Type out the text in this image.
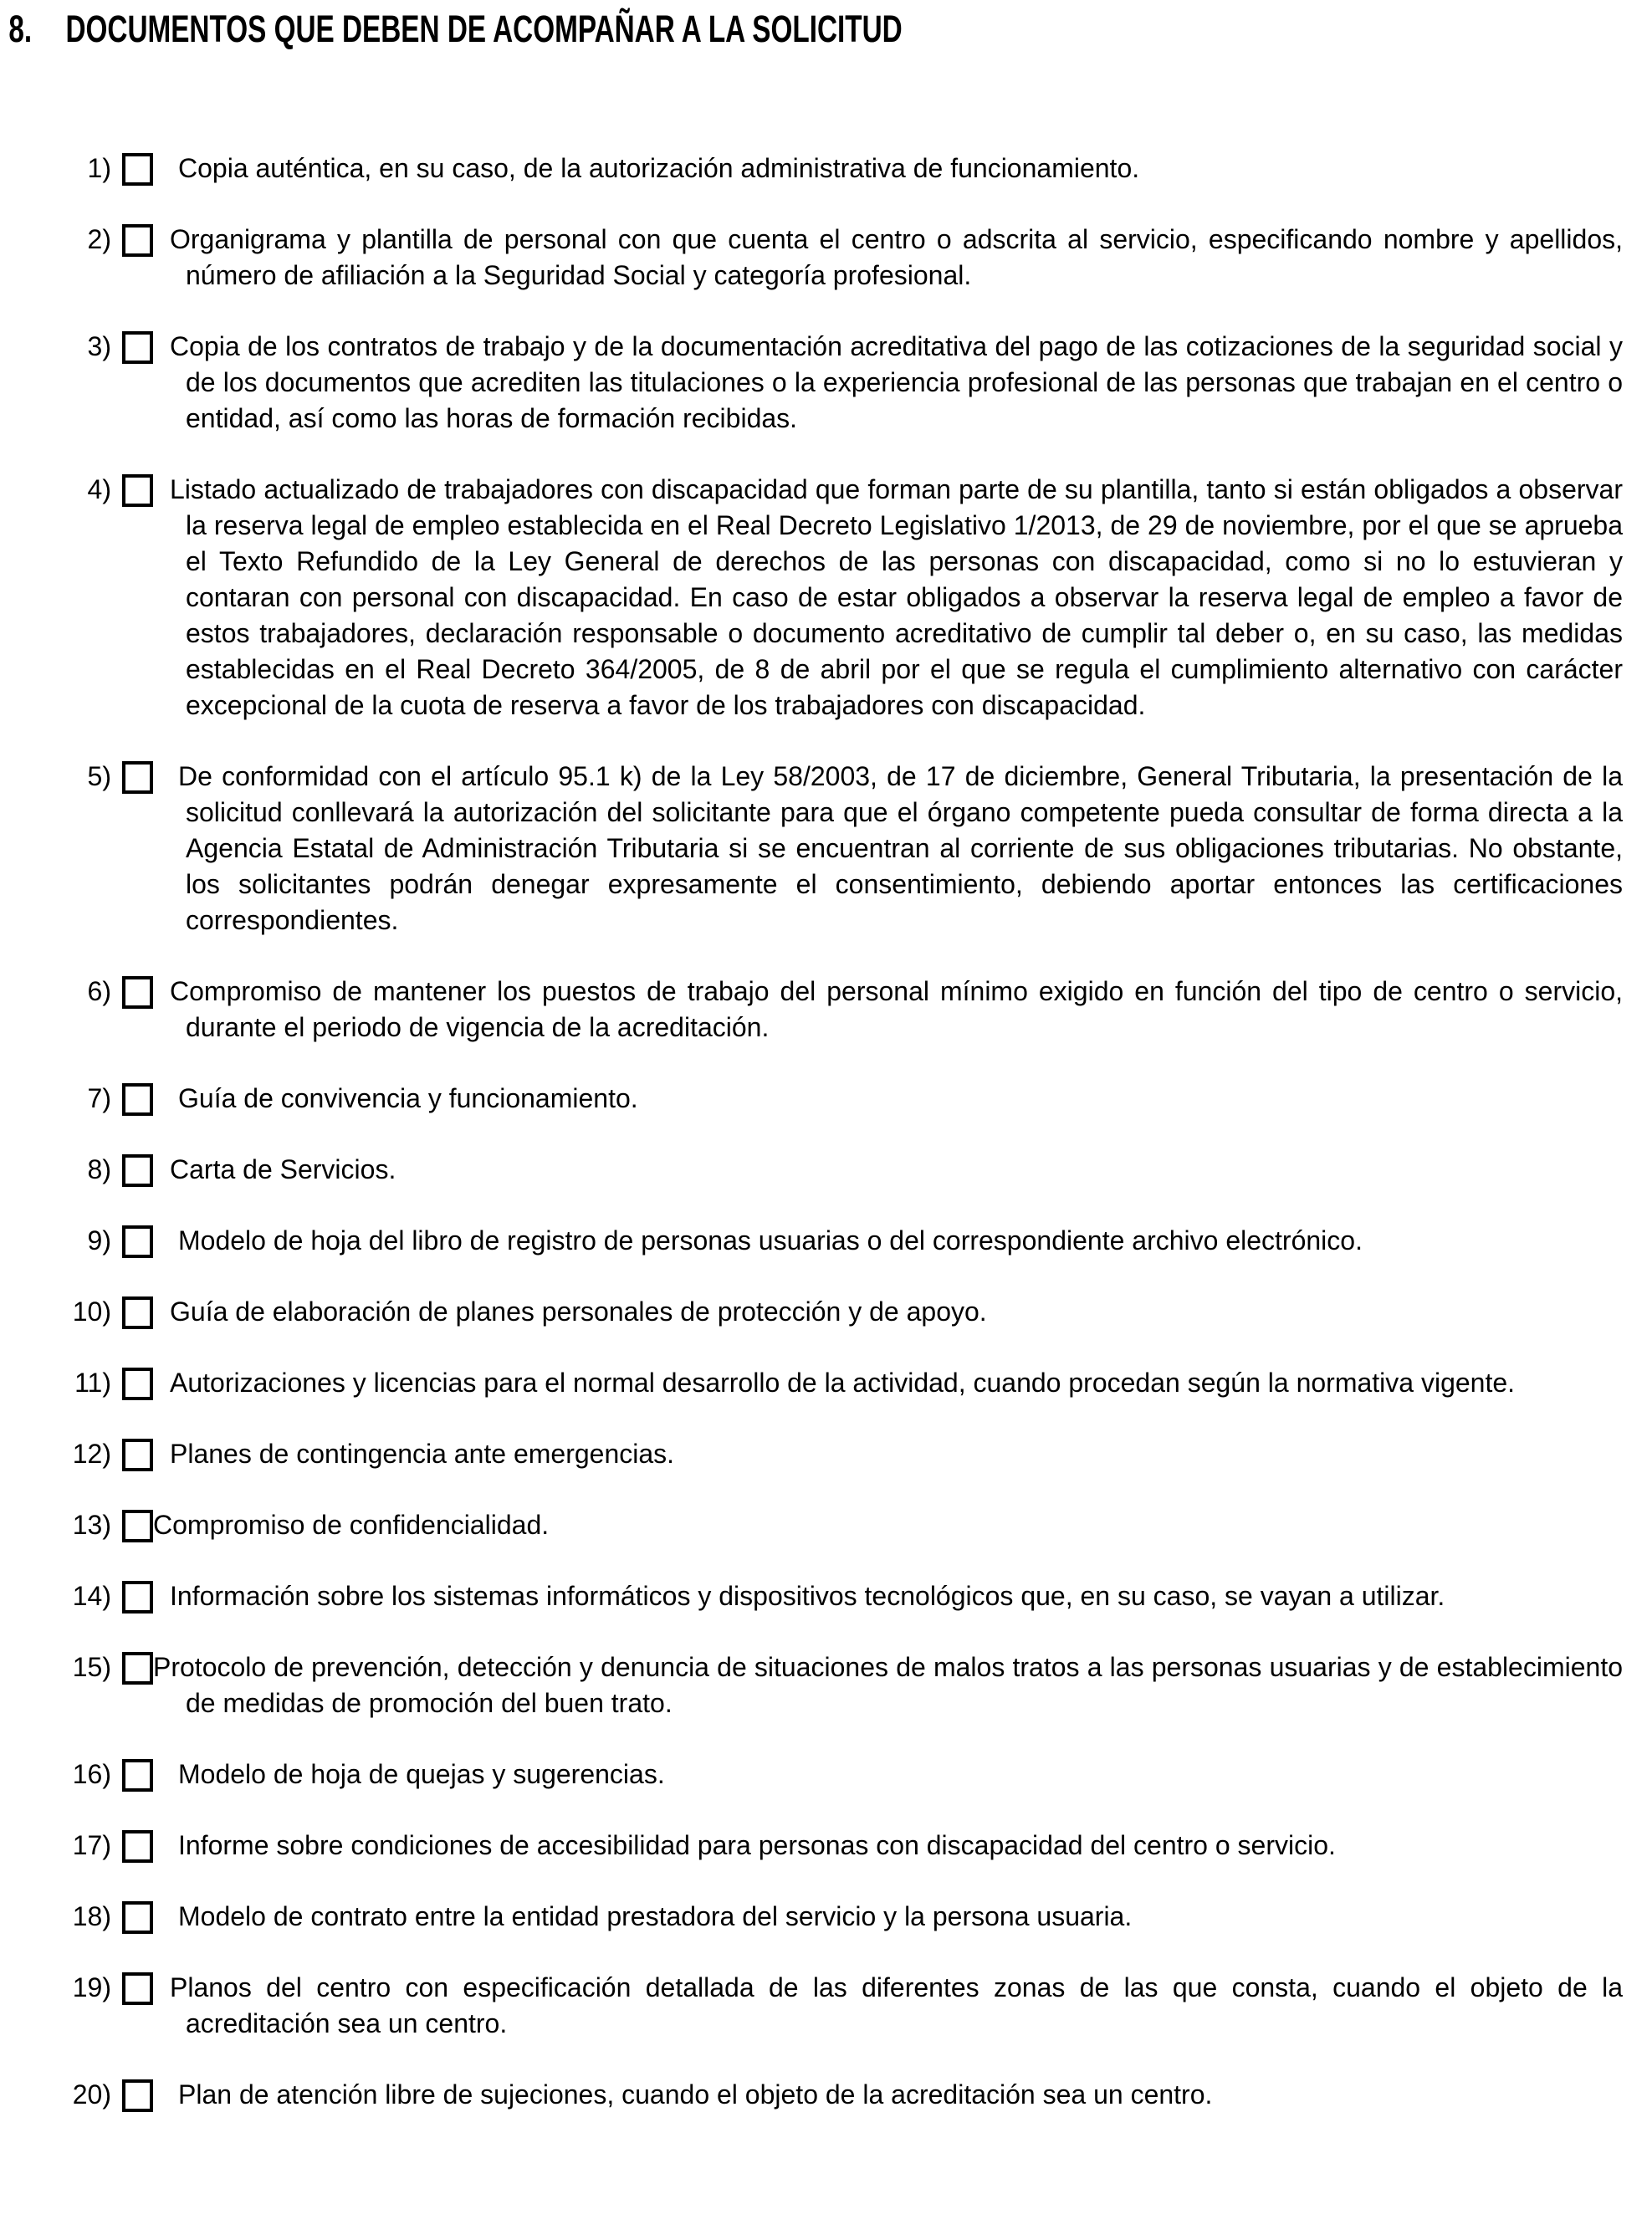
8. DOCUMENTOS QUE DEBEN DE ACOMPAÑAR A LA SOLICITUD
1)	Copia auténtica, en su caso, de la autorización administrativa de funcionamiento.
2) Organigrama y plantilla de personal con que cuenta el centro o adscrita al servicio, especificando nombre y apellidos, número de afiliación a la Seguridad Social y categoría profesional.
3) Copia de los contratos de trabajo y de la documentación acreditativa del pago de las cotizaciones de la seguridad social y de los documentos que acrediten las titulaciones o la experiencia profesional de las personas que trabajan en el centro o entidad, así como las horas de formación recibidas.
4) Listado actualizado de trabajadores con discapacidad que forman parte de su plantilla, tanto si están obligados a observar la reserva legal de empleo establecida en el Real Decreto Legislativo 1/2013, de 29 de noviembre, por el que se aprueba el Texto Refundido de la Ley General de derechos de las personas con discapacidad, como si no lo estuvieran y contaran con personal con discapacidad. En caso de estar obligados a observar la reserva legal de empleo a favor de estos trabajadores, declaración responsable o documento acreditativo de cumplir tal deber o, en su caso, las medidas establecidas en el Real Decreto 364/2005, de 8 de abril por el que se regula el cumplimiento alternativo con carácter excepcional de la cuota de reserva a favor de los trabajadores con discapacidad.
5)	De conformidad con el artículo 95.1 k) de la Ley 58/2003, de 17 de diciembre, General Tributaria, la presentación de la solicitud conllevará la autorización del solicitante para que el órgano competente pueda consultar de forma directa a la Agencia Estatal de Administración Tributaria si se encuentran al corriente de sus obligaciones tributarias. No obstante, los solicitantes podrán denegar expresamente el consentimiento, debiendo aportar entonces las certificaciones correspondientes.
6) Compromiso de mantener los puestos de trabajo del personal mínimo exigido en función del tipo de centro o servicio, durante el periodo de vigencia de la acreditación.
7)	Guía de convivencia y funcionamiento.
8) Carta de Servicios.
9)	Modelo de hoja del libro de registro de personas usuarias o del correspondiente archivo electrónico.
10) Guía de elaboración de planes personales de protección y de apoyo.
11) Autorizaciones y licencias para el normal desarrollo de la actividad, cuando procedan según la normativa vigente.
12) Planes de contingencia ante emergencias.
13) Compromiso de confidencialidad.
14) Información sobre los sistemas informáticos y dispositivos tecnológicos que, en su caso, se vayan a utilizar.
15) Protocolo de prevención, detección y denuncia de situaciones de malos tratos a las personas usuarias y de establecimiento de medidas de promoción del buen trato.
16)	Modelo de hoja de quejas y sugerencias.
17)	Informe sobre condiciones de accesibilidad para personas con discapacidad del centro o servicio.
18)	Modelo de contrato entre la entidad prestadora del servicio y la persona usuaria.
19) Planos del centro con especificación detallada de las diferentes zonas de las que consta, cuando el objeto de la acreditación sea un centro.
20)	Plan de atención libre de sujeciones, cuando el objeto de la acreditación sea un centro.
